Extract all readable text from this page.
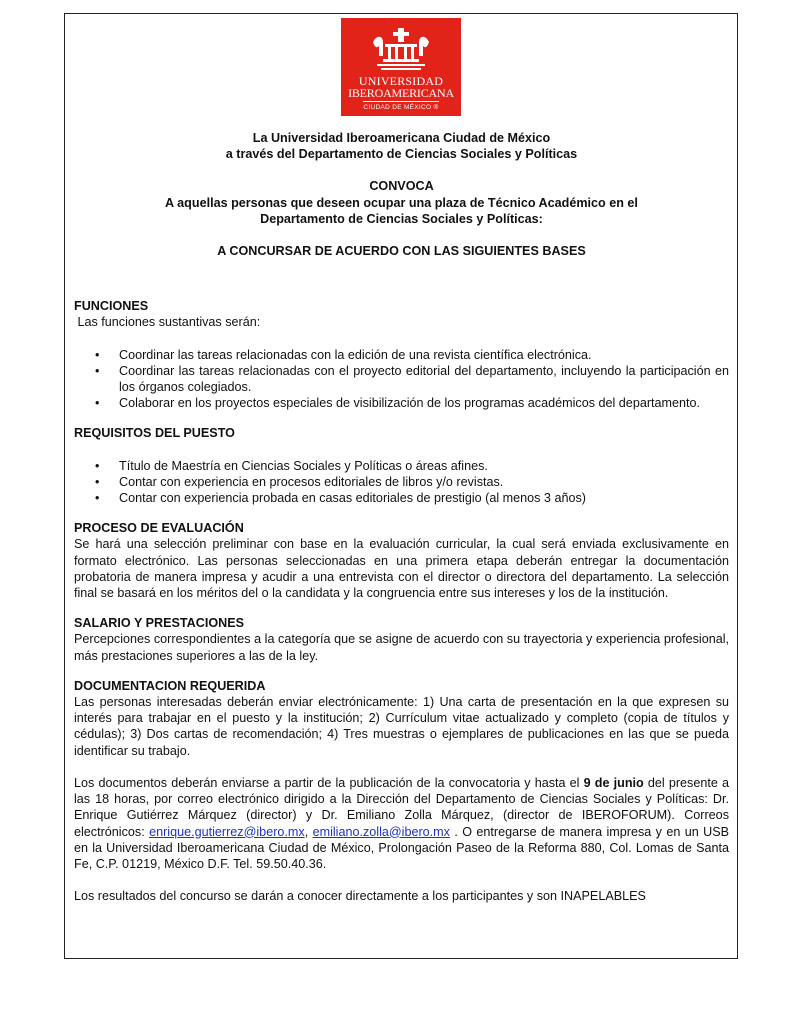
UNIVERSIDAD
IBEROAMERICANA
CIUDAD DE MÉXICO ®
La Universidad Iberoamericana Ciudad de México
a través del Departamento de Ciencias Sociales y Políticas
CONVOCA
A aquellas personas que deseen ocupar una plaza de Técnico Académico en el
Departamento de Ciencias Sociales y Políticas:
A CONCURSAR DE ACUERDO CON LAS SIGUIENTES BASES
FUNCIONES

Las funciones sustantivas serán:

• Coordinar las tareas relacionadas con la edición de una revista científica electrónica.
• Coordinar las tareas relacionadas con el proyecto editorial del departamento, incluyendo la participación en los órganos colegiados.
• Colaborar en los proyectos especiales de visibilización de los programas académicos del departamento.
REQUISITOS DEL PUESTO
• Título de Maestría en Ciencias Sociales y Políticas o áreas afines.
• Contar con experiencia en procesos editoriales de libros y/o revistas.
• Contar con experiencia probada en casas editoriales de prestigio (al menos 3 años)
PROCESO DE EVALUACIÓN

Se hará una selección preliminar con base en la evaluación curricular, la cual será enviada exclusivamente en formato electrónico. Las personas seleccionadas en una primera etapa deberán entregar la documentación probatoria de manera impresa y acudir a una entrevista con el director o directora del departamento. La selección final se basará en los méritos del o la candidata y la congruencia entre sus intereses y los de la institución.

SALARIO Y PRESTACIONES

Percepciones correspondientes a la categoría que se asigne de acuerdo con su trayectoria y experiencia profesional, más prestaciones superiores a las de la ley.

DOCUMENTACION REQUERIDA

Las personas interesadas deberán enviar electrónicamente: 1) Una carta de presentación en la que expresen su interés para trabajar en el puesto y la institución; 2) Currículum vitae actualizado y completo (copia de títulos y cédulas); 3) Dos cartas de recomendación; 4) Tres muestras o ejemplares de publicaciones en las que se pueda identificar su trabajo.

Los documentos deberán enviarse a partir de la publicación de la convocatoria y hasta el 9 de junio del presente a las 18 horas, por correo electrónico dirigido a la Dirección del Departamento de Ciencias Sociales y Políticas: Dr. Enrique Gutiérrez Márquez (director) y Dr. Emiliano Zolla Márquez, (director de IBEROFORUM). Correos electrónicos: enrique.gutierrez@ibero.mx, emiliano.zolla@ibero.mx . O entregarse de manera impresa y en un USB en la Universidad Iberoamericana Ciudad de México, Prolongación Paseo de la Reforma 880, Col. Lomas de Santa Fe, C.P. 01219, México D.F. Tel. 59.50.40.36.

Los resultados del concurso se darán a conocer directamente a los participantes y son INAPELABLES
